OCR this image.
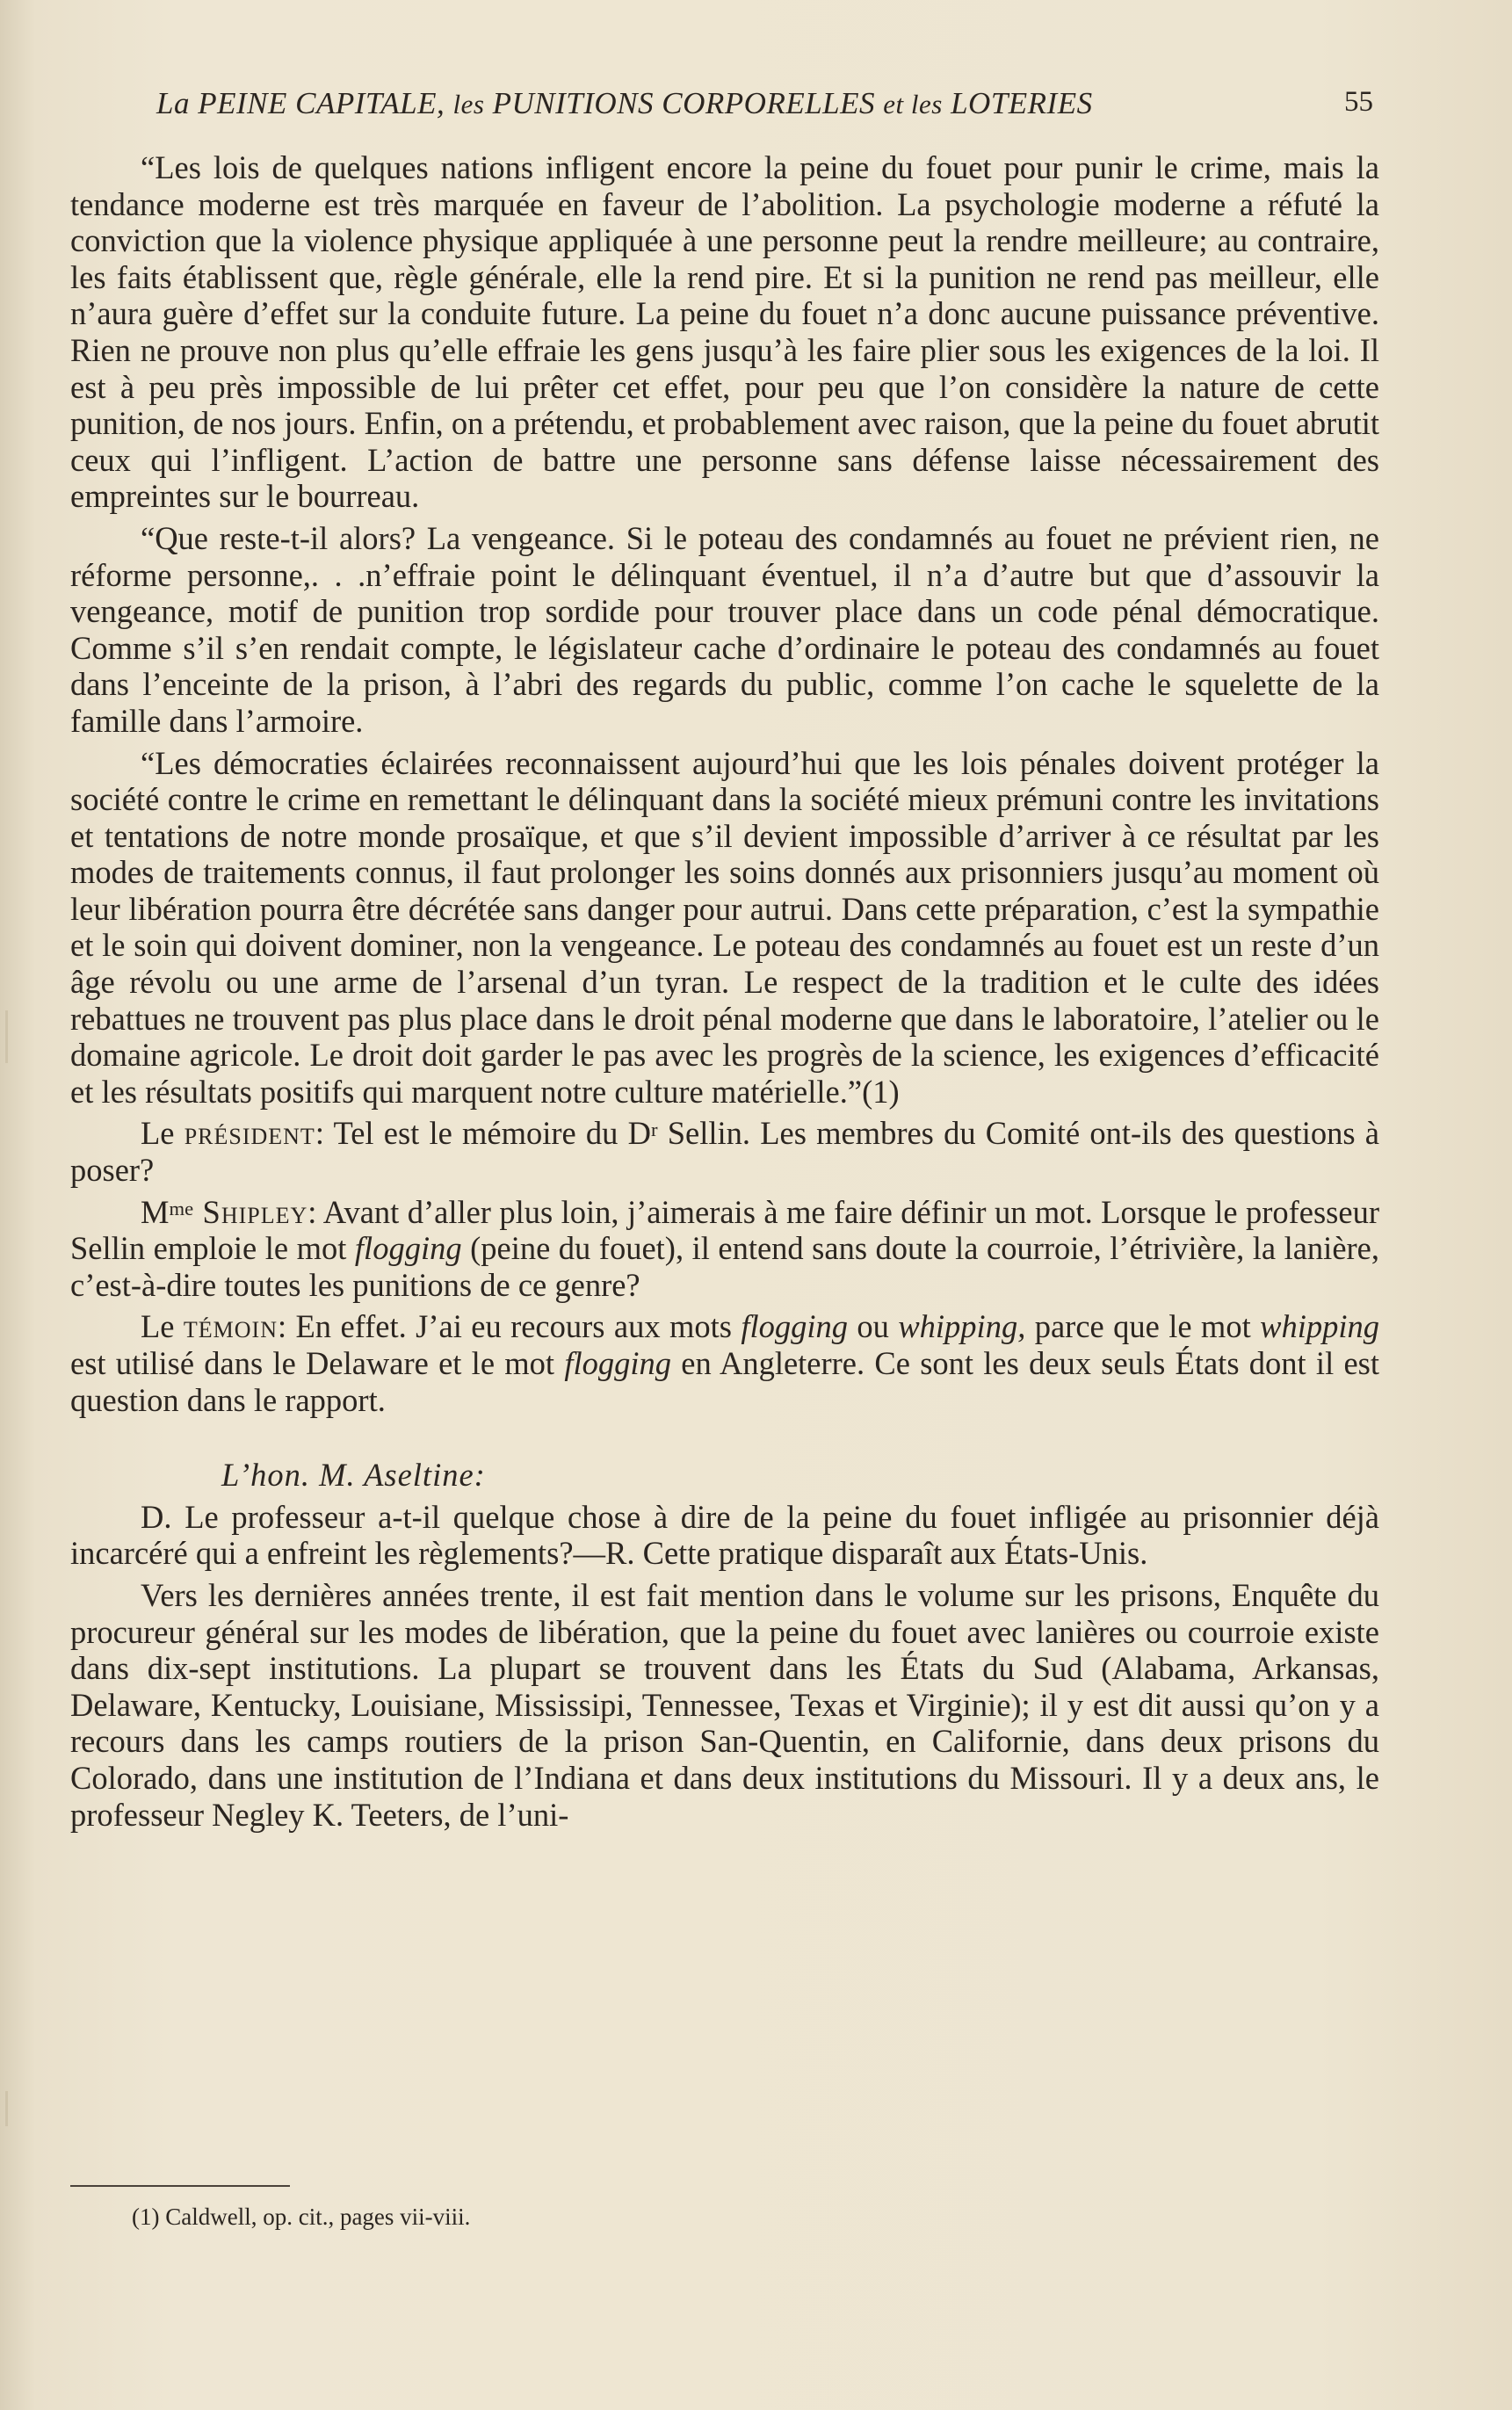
La PEINE CAPITALE, les PUNITIONS CORPORELLES et les LOTERIES	55

“Les lois de quelques nations infligent encore la peine du fouet pour punir le crime, mais la tendance moderne est très marquée en faveur de l’abolition. La psychologie moderne a réfuté la conviction que la violence physique appliquée à une personne peut la rendre meilleure; au contraire, les faits établissent que, règle générale, elle la rend pire. Et si la punition ne rend pas meilleur, elle n’aura guère d’effet sur la conduite future. La peine du fouet n’a donc aucune puissance préventive. Rien ne prouve non plus qu’elle effraie les gens jusqu’à les faire plier sous les exigences de la loi. Il est à peu près impossible de lui prêter cet effet, pour peu que l’on considère la nature de cette punition, de nos jours. Enfin, on a prétendu, et probablement avec raison, que la peine du fouet abrutit ceux qui l’infligent. L’action de battre une personne sans défense laisse nécessairement des empreintes sur le bourreau.

“Que reste-t-il alors? La vengeance. Si le poteau des condamnés au fouet ne prévient rien, ne réforme personne,. . .n’effraie point le délinquant éventuel, il n’a d’autre but que d’assouvir la vengeance, motif de punition trop sordide pour trouver place dans un code pénal démocratique. Comme s’il s’en rendait compte, le législateur cache d’ordinaire le poteau des condamnés au fouet dans l’enceinte de la prison, à l’abri des regards du public, comme l’on cache le squelette de la famille dans l’armoire.

“Les démocraties éclairées reconnaissent aujourd’hui que les lois pénales doivent protéger la société contre le crime en remettant le délinquant dans la société mieux prémuni contre les invitations et tentations de notre monde prosaïque, et que s’il devient impossible d’arriver à ce résultat par les modes de traitements connus, il faut prolonger les soins donnés aux prisonniers jusqu’au moment où leur libération pourra être décrétée sans danger pour autrui. Dans cette préparation, c’est la sympathie et le soin qui doivent dominer, non la vengeance. Le poteau des condamnés au fouet est un reste d’un âge révolu ou une arme de l’arsenal d’un tyran. Le respect de la tradition et le culte des idées rebattues ne trouvent pas plus place dans le droit pénal moderne que dans le laboratoire, l’atelier ou le domaine agricole. Le droit doit garder le pas avec les progrès de la science, les exigences d’efficacité et les résultats positifs qui marquent notre culture matérielle.”(1)

Le président: Tel est le mémoire du $D^r$ Sellin. Les membres du Comité ont-ils des questions à poser?

$M^{me}$ Shipley: Avant d’aller plus loin, j’aimerais à me faire définir un mot. Lorsque le professeur Sellin emploie le mot flogging (peine du fouet), il entend sans doute la courroie, l’étrivière, la lanière, c’est-à-dire toutes les punitions de ce genre?

Le témoin: En effet. J’ai eu recours aux mots flogging ou whipping, parce que le mot whipping est utilisé dans le Delaware et le mot flogging en Angleterre. Ce sont les deux seuls États dont il est question dans le rapport.

L’hon. M. Aseltine:

D. Le professeur a-t-il quelque chose à dire de la peine du fouet infligée au prisonnier déjà incarcéré qui a enfreint les règlements?—R. Cette pratique disparaît aux États-Unis.

Vers les dernières années trente, il est fait mention dans le volume sur les prisons, Enquête du procureur général sur les modes de libération, que la peine du fouet avec lanières ou courroie existe dans dix-sept institutions. La plupart se trouvent dans les États du Sud (Alabama, Arkansas, Delaware, Kentucky, Louisiane, Mississipi, Tennessee, Texas et Virginie); il y est dit aussi qu’on y a recours dans les camps routiers de la prison San-Quentin, en Californie, dans deux prisons du Colorado, dans une institution de l’Indiana et dans deux institutions du Missouri. Il y a deux ans, le professeur Negley K. Teeters, de l’uni-

(1) Caldwell, op. cit., pages vii-viii.
